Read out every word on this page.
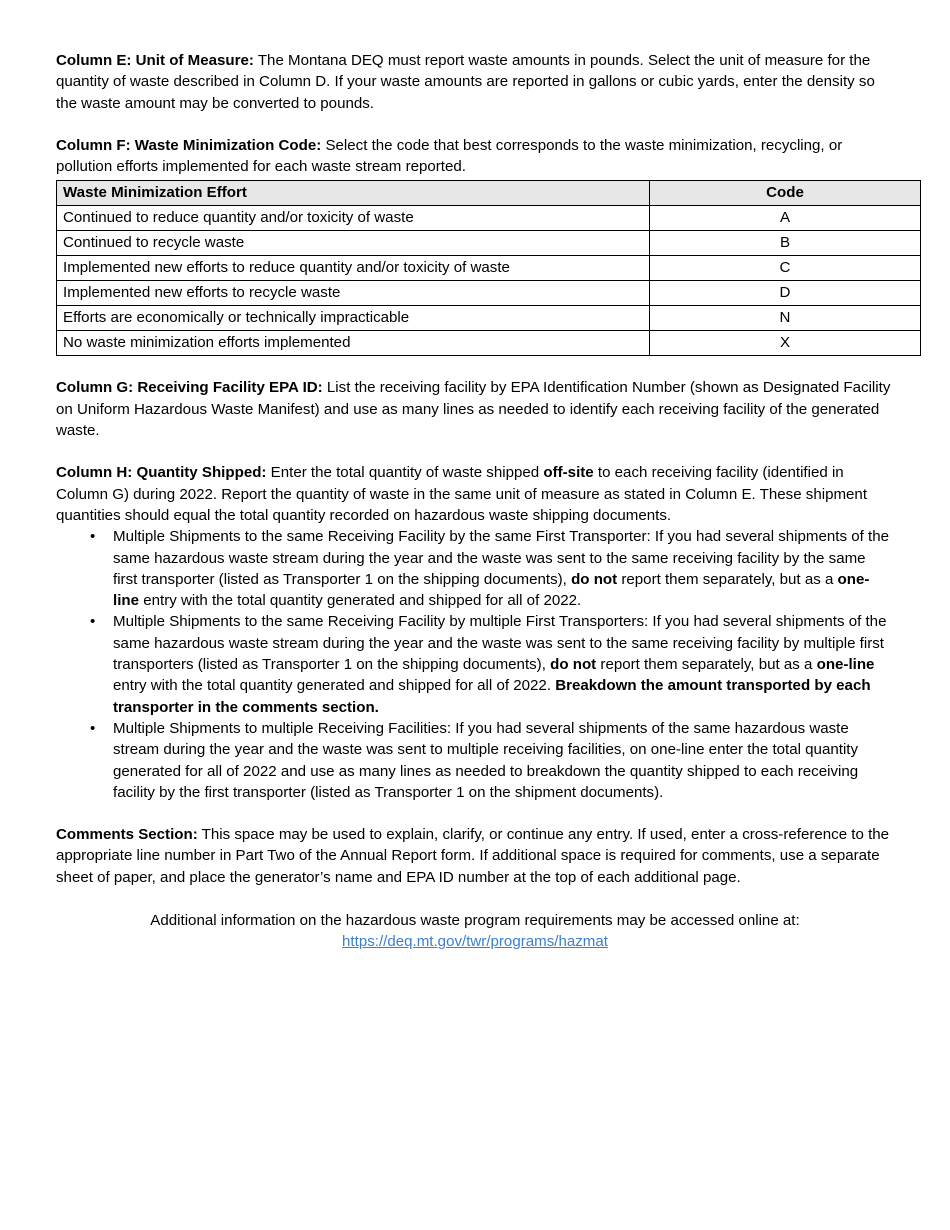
Column E: Unit of Measure: The Montana DEQ must report waste amounts in pounds. Select the unit of measure for the quantity of waste described in Column D. If your waste amounts are reported in gallons or cubic yards, enter the density so the waste amount may be converted to pounds.

Column F: Waste Minimization Code: Select the code that best corresponds to the waste minimization, recycling, or pollution efforts implemented for each waste stream reported.

Waste Minimization Effort	Code
Continued to reduce quantity and/or toxicity of waste	A
Continued to recycle waste	B
Implemented new efforts to reduce quantity and/or toxicity of waste	C
Implemented new efforts to recycle waste	D
Efforts are economically or technically impracticable	N
No waste minimization efforts implemented	X

Column G: Receiving Facility EPA ID: List the receiving facility by EPA Identification Number (shown as Designated Facility on Uniform Hazardous Waste Manifest) and use as many lines as needed to identify each receiving facility of the generated waste.

Column H: Quantity Shipped: Enter the total quantity of waste shipped off-site to each receiving facility (identified in Column G) during 2022. Report the quantity of waste in the same unit of measure as stated in Column E. These shipment quantities should equal the total quantity recorded on hazardous waste shipping documents.

• Multiple Shipments to the same Receiving Facility by the same First Transporter: If you had several shipments of the same hazardous waste stream during the year and the waste was sent to the same receiving facility by the same first transporter (listed as Transporter 1 on the shipping documents), do not report them separately, but as a one-line entry with the total quantity generated and shipped for all of 2022.
• Multiple Shipments to the same Receiving Facility by multiple First Transporters: If you had several shipments of the same hazardous waste stream during the year and the waste was sent to the same receiving facility by multiple first transporters (listed as Transporter 1 on the shipping documents), do not report them separately, but as a one-line entry with the total quantity generated and shipped for all of 2022. Breakdown the amount transported by each transporter in the comments section.
• Multiple Shipments to multiple Receiving Facilities: If you had several shipments of the same hazardous waste stream during the year and the waste was sent to multiple receiving facilities, on one-line enter the total quantity generated for all of 2022 and use as many lines as needed to breakdown the quantity shipped to each receiving facility by the first transporter (listed as Transporter 1 on the shipment documents).

Comments Section: This space may be used to explain, clarify, or continue any entry. If used, enter a cross-reference to the appropriate line number in Part Two of the Annual Report form. If additional space is required for comments, use a separate sheet of paper, and place the generator’s name and EPA ID number at the top of each additional page.

Additional information on the hazardous waste program requirements may be accessed online at:

https://deq.mt.gov/twr/programs/hazmat
